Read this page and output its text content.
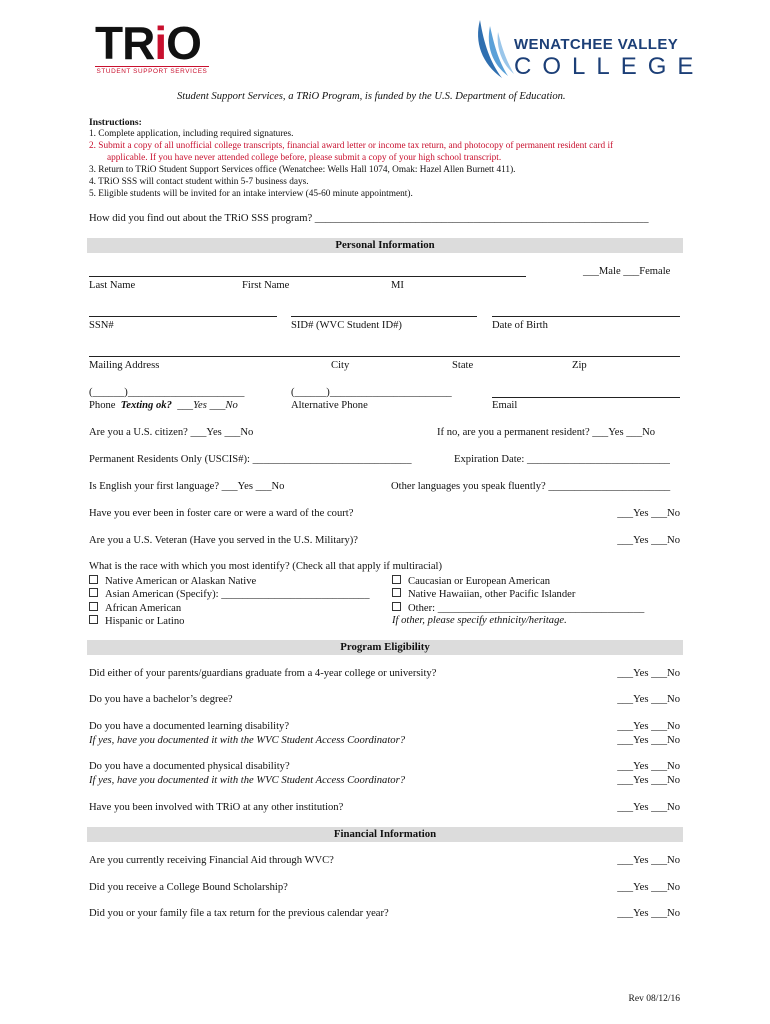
TRiO
STUDENT SUPPORT SERVICES
WENATCHEE VALLEY
COLLEGE
Student Support Services, a TRiO Program, is funded by the U.S. Department of Education.
Instructions:
1. Complete application, including required signatures.
2. Submit a copy of all unofficial college transcripts, financial award letter or income tax return, and photocopy of permanent resident card if
applicable. If you have never attended college before, please submit a copy of your high school transcript.
3. Return to TRiO Student Support Services office (Wenatchee: Wells Hall 1074, Omak: Hazel Allen Burnett 411).
4. TRiO SSS will contact student within 5-7 business days.
5. Eligible students will be invited for an intake interview (45-60 minute appointment).
How did you find out about the TRiO SSS program? _______________________________________________________________
Personal Information
___Male ___Female
Last Name	First Name	MI
SSN#	SID# (WVC Student ID#)	Date of Birth
Mailing Address	City	State	Zip
(______)______________________	(______)_______________________
Phone Texting ok? ___Yes ___No	Alternative Phone	Email
Are you a U.S. citizen? ___Yes ___No	If no, are you a permanent resident? ___Yes ___No
Permanent Residents Only (USCIS#): ______________________________	Expiration Date: ___________________________
Is English your first language? ___Yes ___No	Other languages you speak fluently? _______________________
Have you ever been in foster care or were a ward of the court?	___Yes ___No
Are you a U.S. Veteran (Have you served in the U.S. Military)?	___Yes ___No
What is the race with which you most identify? (Check all that apply if multiracial)
Native American or Alaskan Native
Asian American (Specify): ____________________________
African American
Hispanic or Latino
Caucasian or European American
Native Hawaiian, other Pacific Islander
Other: _______________________________________
If other, please specify ethnicity/heritage.
Program Eligibility
Did either of your parents/guardians graduate from a 4-year college or university?	___Yes ___No
Do you have a bachelor’s degree?	___Yes ___No
Do you have a documented learning disability?	___Yes ___No
If yes, have you documented it with the WVC Student Access Coordinator?	___Yes ___No
Do you have a documented physical disability?	___Yes ___No
If yes, have you documented it with the WVC Student Access Coordinator?	___Yes ___No
Have you been involved with TRiO at any other institution?	___Yes ___No
Financial Information
Are you currently receiving Financial Aid through WVC?	___Yes ___No
Did you receive a College Bound Scholarship?	___Yes ___No
Did you or your family file a tax return for the previous calendar year?	___Yes ___No
Rev 08/12/16
